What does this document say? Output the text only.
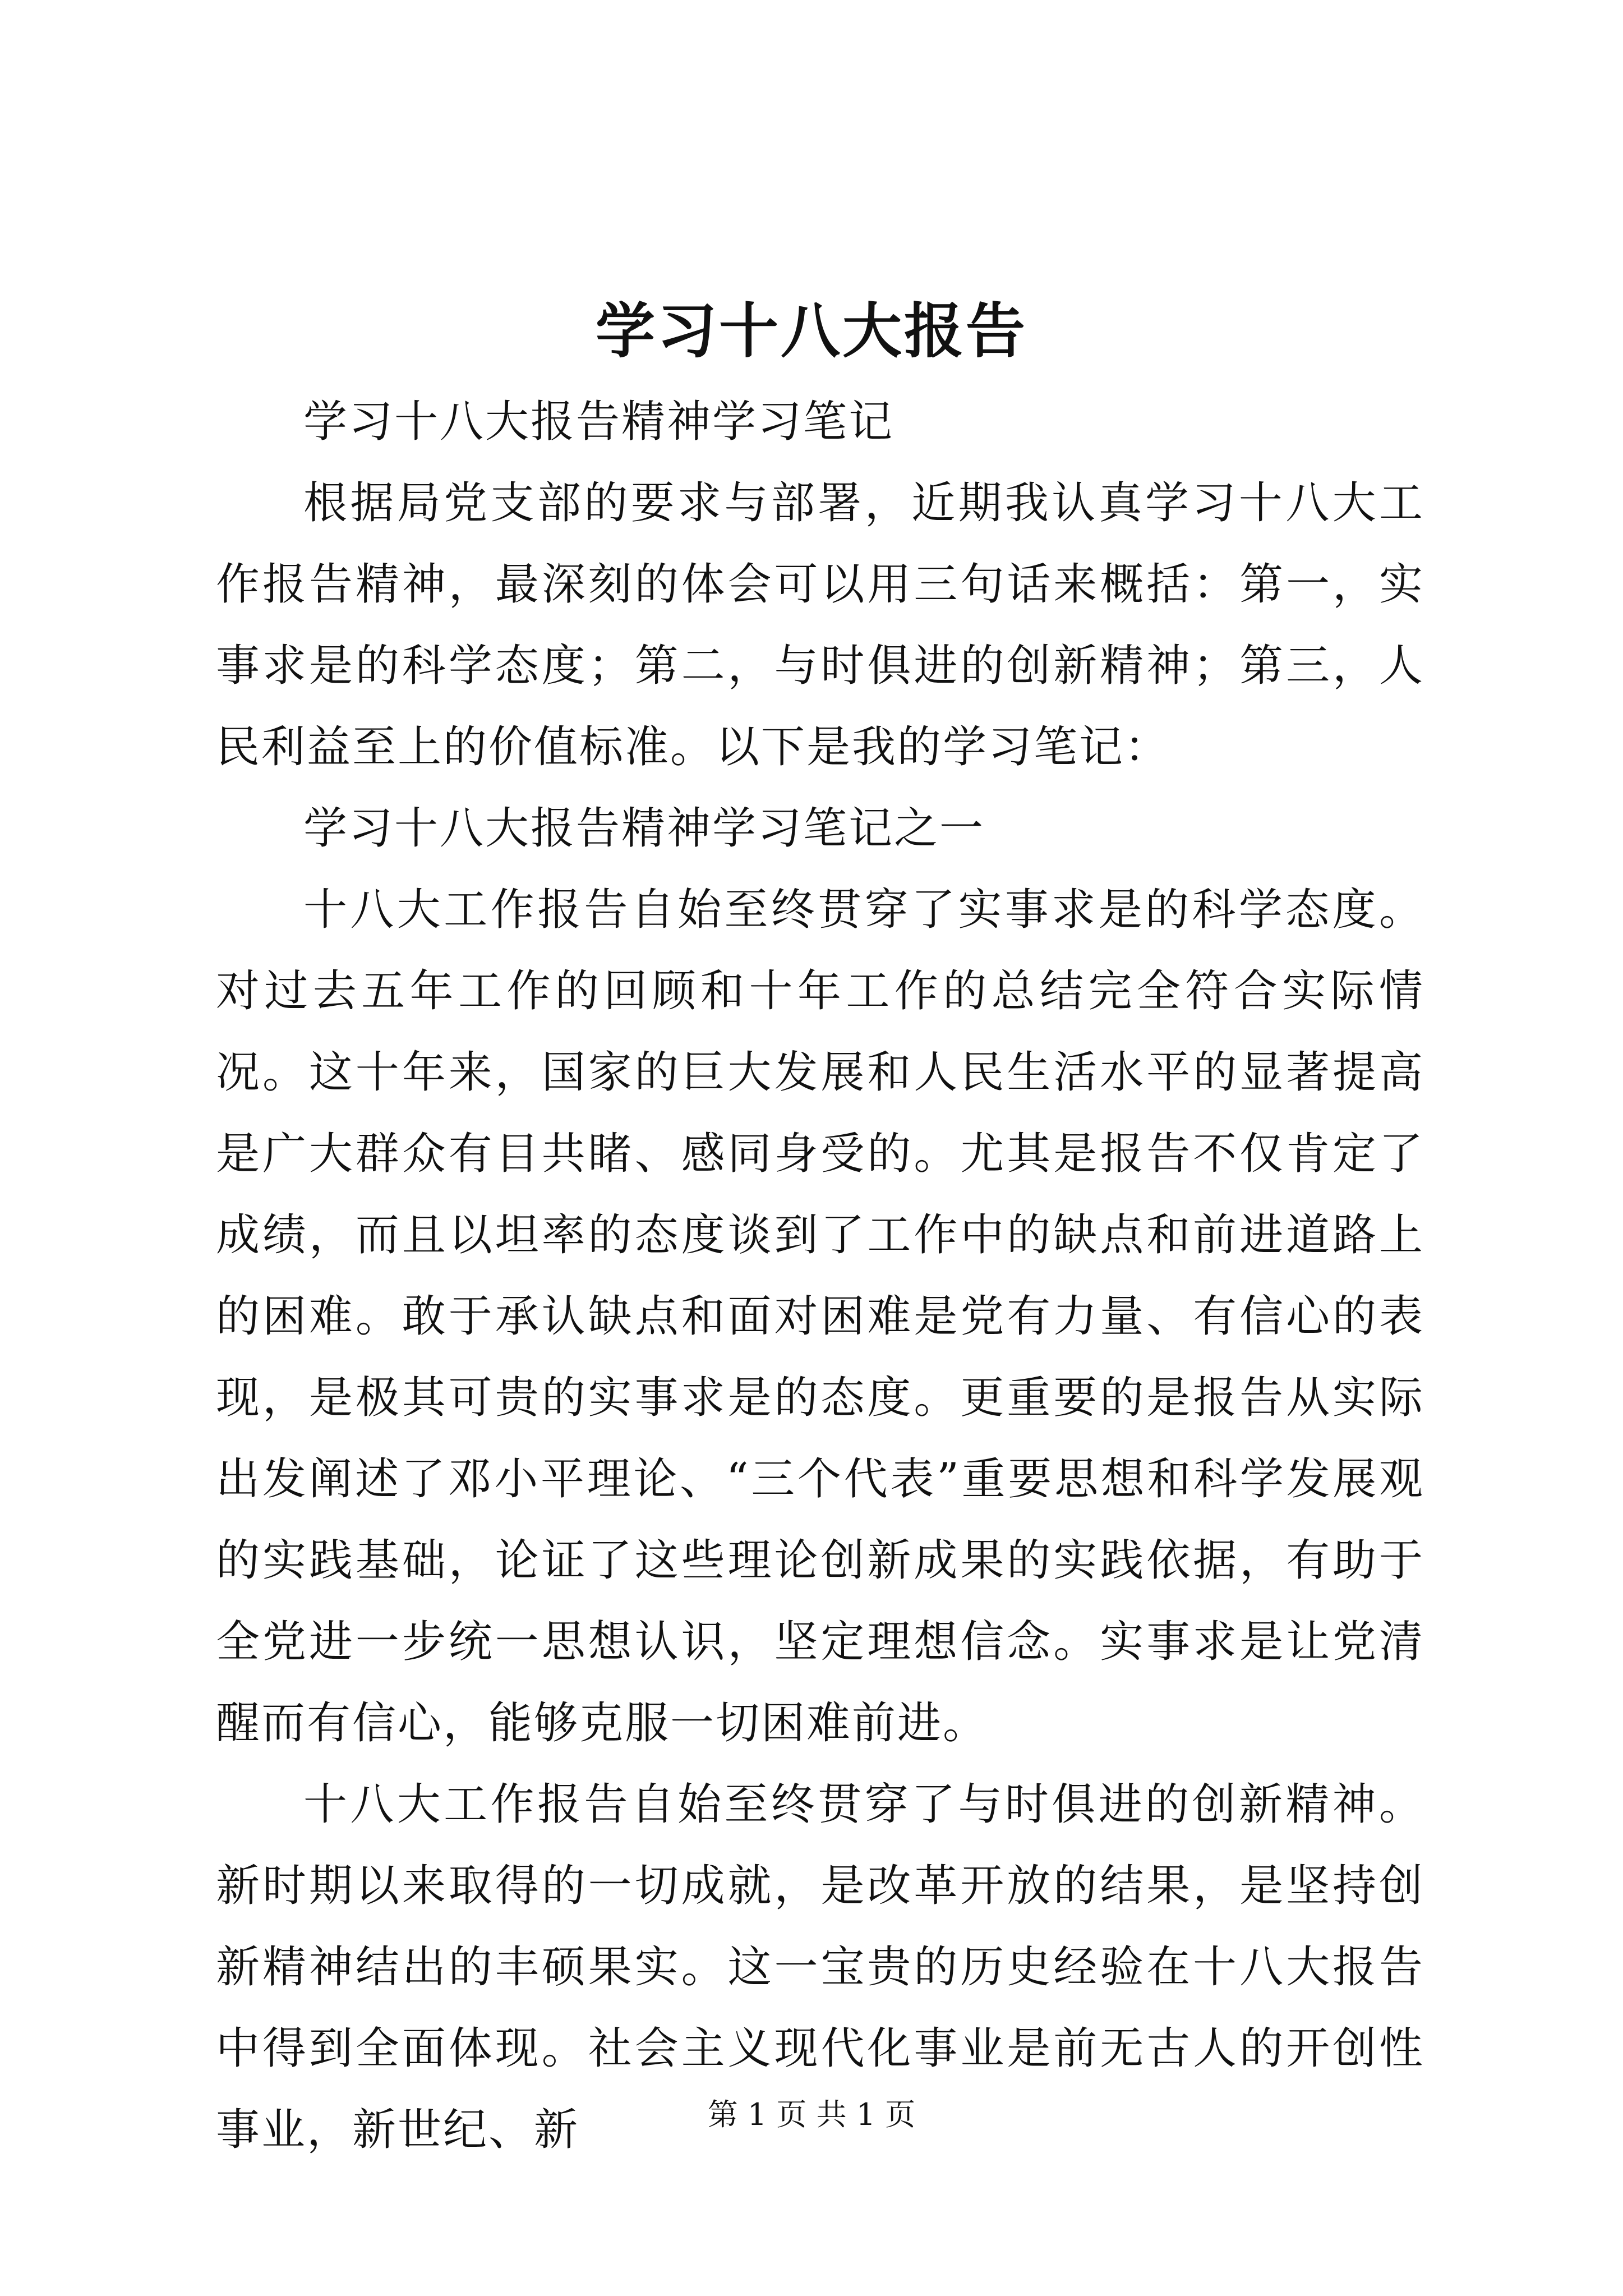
学习十八大报告

学习十八大报告精神学习笔记

根据局党支部的要求与部署，近期我认真学习十八大工作报告精神，最深刻的体会可以用三句话来概括：第一，实事求是的科学态度；第二，与时俱进的创新精神；第三，人民利益至上的价值标准。以下是我的学习笔记：

学习十八大报告精神学习笔记之一

十八大工作报告自始至终贯穿了实事求是的科学态度。对过去五年工作的回顾和十年工作的总结完全符合实际情况。这十年来，国家的巨大发展和人民生活水平的显著提高是广大群众有目共睹、感同身受的。尤其是报告不仅肯定了成绩，而且以坦率的态度谈到了工作中的缺点和前进道路上的困难。敢于承认缺点和面对困难是党有力量、有信心的表现，是极其可贵的实事求是的态度。更重要的是报告从实际出发阐述了邓小平理论、“三个代表”重要思想和科学发展观的实践基础，论证了这些理论创新成果的实践依据，有助于全党进一步统一思想认识，坚定理想信念。实事求是让党清醒而有信心，能够克服一切困难前进。

十八大工作报告自始至终贯穿了与时俱进的创新精神。新时期以来取得的一切成就，是改革开放的结果，是坚持创新精神结出的丰硕果实。这一宝贵的历史经验在十八大报告中得到全面体现。社会主义现代化事业是前无古人的开创性事业，新世纪、新	第 1 页 共 1 页
